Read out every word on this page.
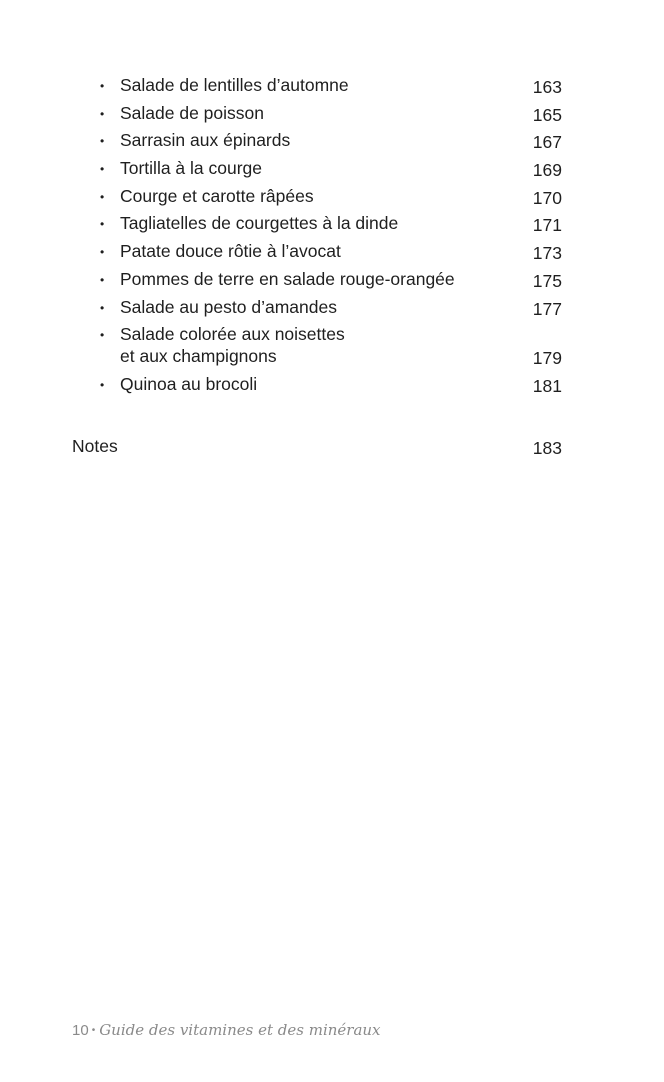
• Salade de lentilles d’automne	163
• Salade de poisson	165
• Sarrasin aux épinards	167
• Tortilla à la courge	169
• Courge et carotte râpées	170
• Tagliatelles de courgettes à la dinde	171
• Patate douce rôtie à l’avocat	173
• Pommes de terre en salade rouge-orangée	175
• Salade au pesto d’amandes	177
• Salade colorée aux noisettes
et aux champignons	179
• Quinoa au brocoli	181
Notes	183
10 • Guide des vitamines et des minéraux
